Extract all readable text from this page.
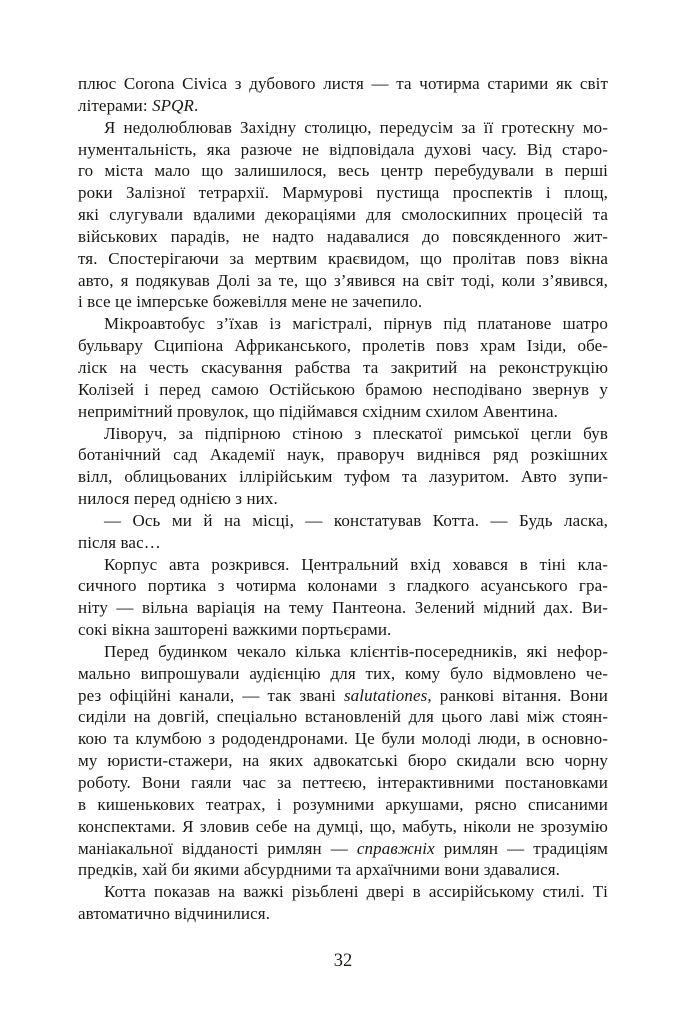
плюс Corona Civica з дубового листя — та чотирма старими як світ
літерами: SPQR.
Я недолюблював Західну столицю, передусім за її гротескну мо-
нументальність, яка разюче не відповідала духові часу. Від старо-
го міста мало що залишилося, весь центр перебудували в перші
роки Залізної тетрархії. Мармурові пустища проспектів і площ,
які слугували вдалими декораціями для смолоскипних процесій та
військових парадів, не надто надавалися до повсякденного жит-
тя. Спостерігаючи за мертвим краєвидом, що пролітав повз вікна
авто, я подякував Долі за те, що з’явився на світ тоді, коли з’явився,
і все це імперське божевілля мене не зачепило.
Мікроавтобус з’їхав із магістралі, пірнув під платанове шатро
бульвару Сципіона Африканського, пролетів повз храм Ізіди, обе-
ліск на честь скасування рабства та закритий на реконструкцію
Колізей і перед самою Остійською брамою несподівано звернув у
непримітний провулок, що підіймався східним схилом Авентина.
Ліворуч, за підпірною стіною з плескатої римської цегли був
ботанічний сад Академії наук, праворуч виднівся ряд розкішних
вілл, облицьованих іллірійським туфом та лазуритом. Авто зупи-
нилося перед однією з них.
— Ось ми й на місці, — констатував Котта. — Будь ласка,
після вас…
Корпус авта розкрився. Центральний вхід ховався в тіні кла-
сичного портика з чотирма колонами з гладкого асуанського гра-
ніту — вільна варіація на тему Пантеона. Зелений мідний дах. Ви-
сокі вікна зашторені важкими портьєрами.
Перед будинком чекало кілька клієнтів-посередників, які нефор-
мально випрошували аудієнцію для тих, кому було відмовлено че-
рез офіційні канали, — так звані salutationes, ранкові вітання. Вони
сиділи на довгій, спеціально встановленій для цього лаві між стоян-
кою та клумбою з рододендронами. Це були молоді люди, в основно-
му юристи-стажери, на яких адвокатські бюро скидали всю чорну
роботу. Вони гаяли час за петтеєю, інтерактивними постановками
в кишенькових театрах, і розумними аркушами, рясно списаними
конспектами. Я зловив себе на думці, що, мабуть, ніколи не зрозумію
маніакальної відданості римлян — справжніх римлян — традиціям
предків, хай би якими абсурдними та архаїчними вони здавалися.
Котта показав на важкі різьблені двері в ассирійському стилі. Ті
автоматично відчинилися.
32
